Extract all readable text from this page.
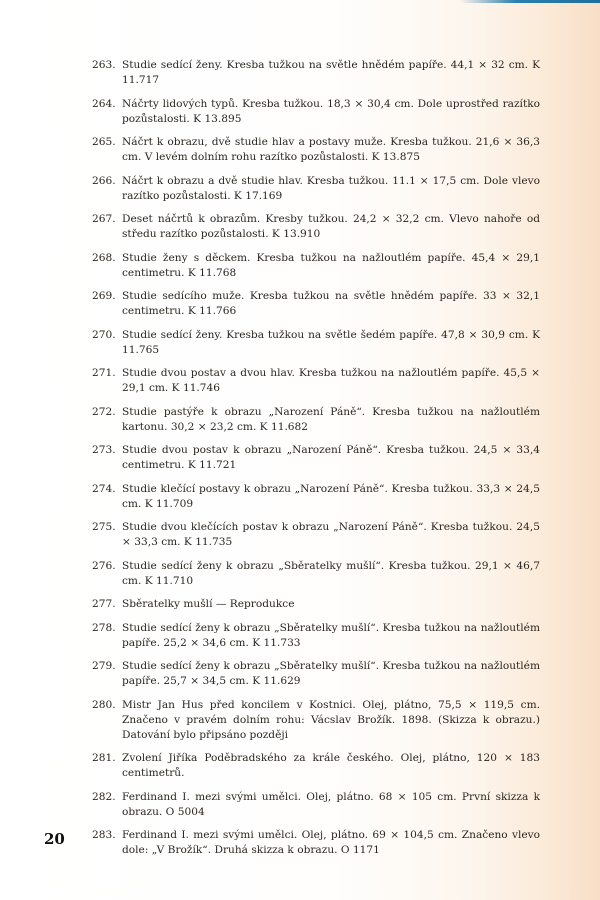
263. Studie sedící ženy. Kresba tužkou na světle hnědém papíře. 44,1 × 32 cm. K 11.717
264. Náčrty lidových typů. Kresba tužkou. 18,3 × 30,4 cm. Dole uprostřed razítko pozůstalosti. K 13.895
265. Náčrt k obrazu, dvě studie hlav a postavy muže. Kresba tužkou. 21,6 × 36,3 cm. V levém dolním rohu razítko pozůstalosti. K 13.875
266. Náčrt k obrazu a dvě studie hlav. Kresba tužkou. 11.1 × 17,5 cm. Dole vlevo razítko pozůstalosti. K 17.169
267. Deset náčrtů k obrazům. Kresby tužkou. 24,2 × 32,2 cm. Vlevo nahoře od středu razítko pozůstalosti. K 13.910
268. Studie ženy s děckem. Kresba tužkou na nažloutlém papíře. 45,4 × 29,1 centimetru. K 11.768
269. Studie sedícího muže. Kresba tužkou na světle hnědém papíře. 33 × 32,1 centimetru. K 11.766
270. Studie sedící ženy. Kresba tužkou na světle šedém papíře. 47,8 × 30,9 cm. K 11.765
271. Studie dvou postav a dvou hlav. Kresba tužkou na nažloutlém papíře. 45,5 × 29,1 cm. K 11.746
272. Studie pastýře k obrazu „Narození Páně“. Kresba tužkou na nažloutlém kartonu. 30,2 × 23,2 cm. K 11.682
273. Studie dvou postav k obrazu „Narození Páně“. Kresba tužkou. 24,5 × 33,4 centimetru. K 11.721
274. Studie klečící postavy k obrazu „Narození Páně“. Kresba tužkou. 33,3 × 24,5 cm. K 11.709
275. Studie dvou klečících postav k obrazu „Narození Páně“. Kresba tužkou. 24,5 × 33,3 cm. K 11.735
276. Studie sedící ženy k obrazu „Sběratelky mušlí“. Kresba tužkou. 29,1 × 46,7 cm. K 11.710
277. Sběratelky mušlí — Reprodukce
278. Studie sedící ženy k obrazu „Sběratelky mušlí“. Kresba tužkou na nažloutlém papíře. 25,2 × 34,6 cm. K 11.733
279. Studie sedící ženy k obrazu „Sběratelky mušlí“. Kresba tužkou na nažloutlém papíře. 25,7 × 34,5 cm. K 11.629
280. Mistr Jan Hus před koncilem v Kostnici. Olej, plátno, 75,5 × 119,5 cm. Značeno v pravém dolním rohu: Vácslav Brožík. 1898. (Skizza k obrazu.) Datování bylo připsáno později
281. Zvolení Jiříka Poděbradského za krále českého. Olej, plátno, 120 × 183 centimetrů.
282. Ferdinand I. mezi svými umělci. Olej, plátno. 68 × 105 cm. První skizza k obrazu. O 5004
283. Ferdinand I. mezi svými umělci. Olej, plátno. 69 × 104,5 cm. Značeno vlevo dole: „V Brožík“. Druhá skizza k obrazu. O 1171
20
